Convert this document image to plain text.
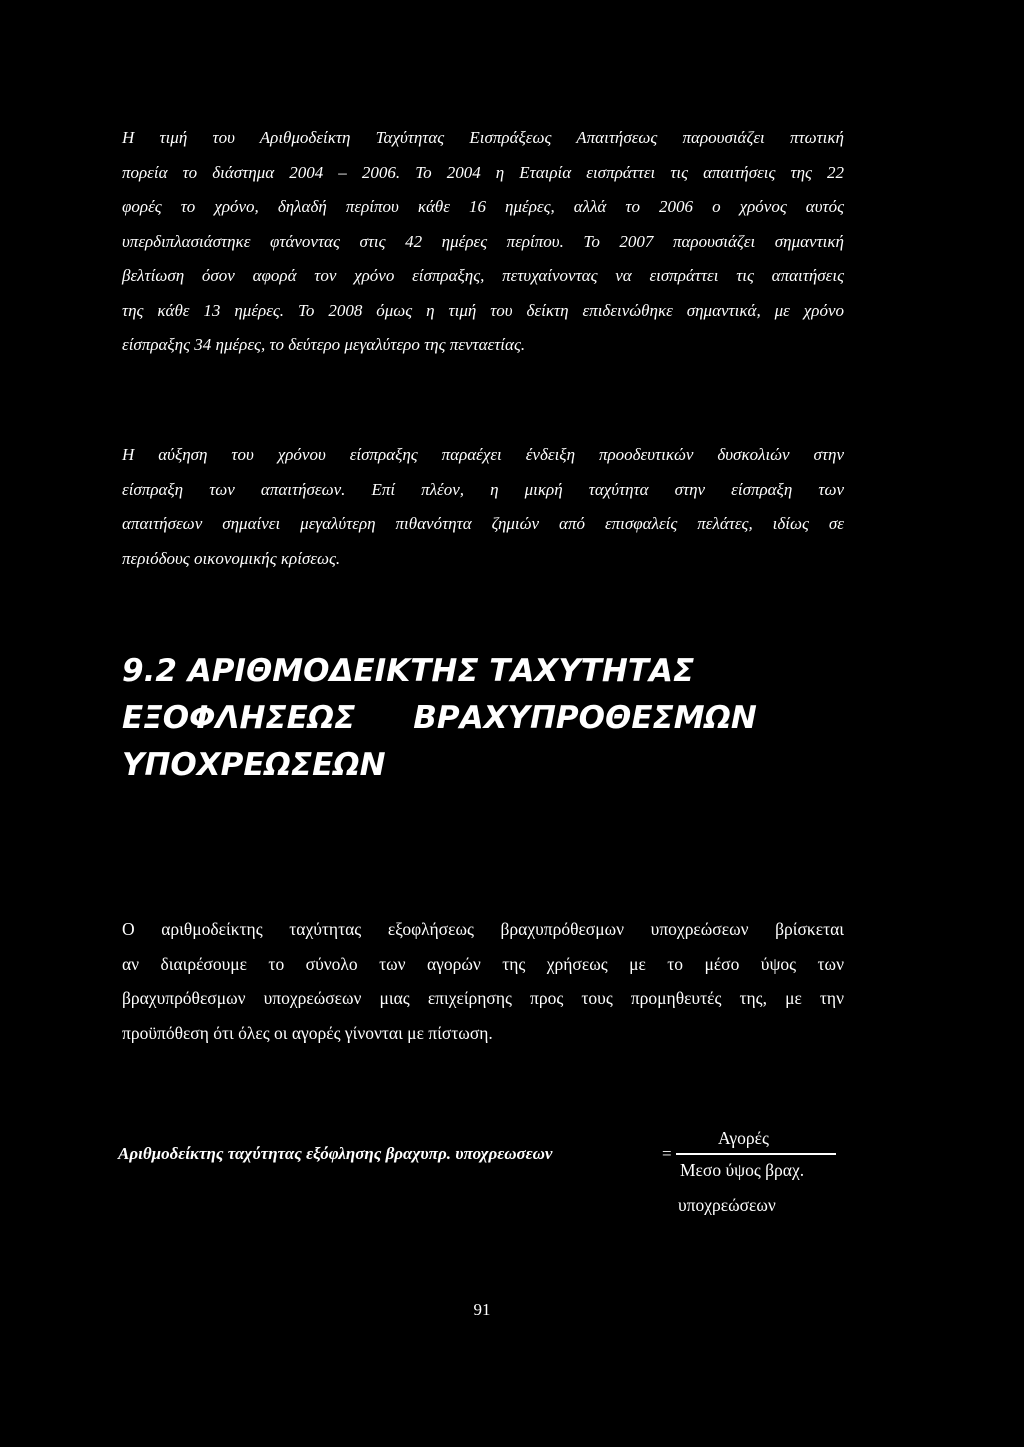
Η τιμή του Αριθμοδείκτη Ταχύτητας Εισπράξεως Απαιτήσεως παρουσιάζει πτωτική
πορεία το διάστημα 2004 – 2006. Το 2004 η Εταιρία εισπράττει τις απαιτήσεις της 22
φορές το χρόνο, δηλαδή περίπου κάθε 16 ημέρες, αλλά το 2006 ο χρόνος αυτός
υπερδιπλασιάστηκε φτάνοντας στις 42 ημέρες περίπου. Το 2007 παρουσιάζει σημαντική
βελτίωση όσον αφορά τον χρόνο είσπραξης, πετυχαίνοντας να εισπράττει τις απαιτήσεις
της κάθε 13 ημέρες. Το 2008 όμως η τιμή του δείκτη επιδεινώθηκε σημαντικά, με χρόνο
είσπραξης 34 ημέρες, το δεύτερο μεγαλύτερο της πενταετίας.
Η αύξηση του χρόνου είσπραξης παραέχει ένδειξη προοδευτικών δυσκολιών στην
είσπραξη των απαιτήσεων. Επί πλέον, η μικρή ταχύτητα στην είσπραξη των
απαιτήσεων σημαίνει μεγαλύτερη πιθανότητα ζημιών από επισφαλείς πελάτες, ιδίως σε
περιόδους οικονομικής κρίσεως.
9.2 ΑΡΙΘΜΟΔΕΙΚΤΗΣ ΤΑΧΥΤΗΤΑΣ
ΕΞΟΦΛΗΣΕΩΣ ΒΡΑΧΥΠΡΟΘΕΣΜΩΝ
ΥΠΟΧΡΕΩΣΕΩΝ
Ο αριθμοδείκτης ταχύτητας εξοφλήσεως βραχυπρόθεσμων υποχρεώσεων βρίσκεται
αν διαιρέσουμε το σύνολο των αγορών της χρήσεως με το μέσο ύψος των
βραχυπρόθεσμων υποχρεώσεων μιας επιχείρησης προς τους προμηθευτές της, με την
προϋπόθεση ότι όλες οι αγορές γίνονται με πίστωση.
Αριθμοδείκτης ταχύτητας εξόφλησης βραχυπρ. υποχρεωσεων	=
Αγορές
Μεσο ύψος βραχ.
υποχρεώσεων
91
